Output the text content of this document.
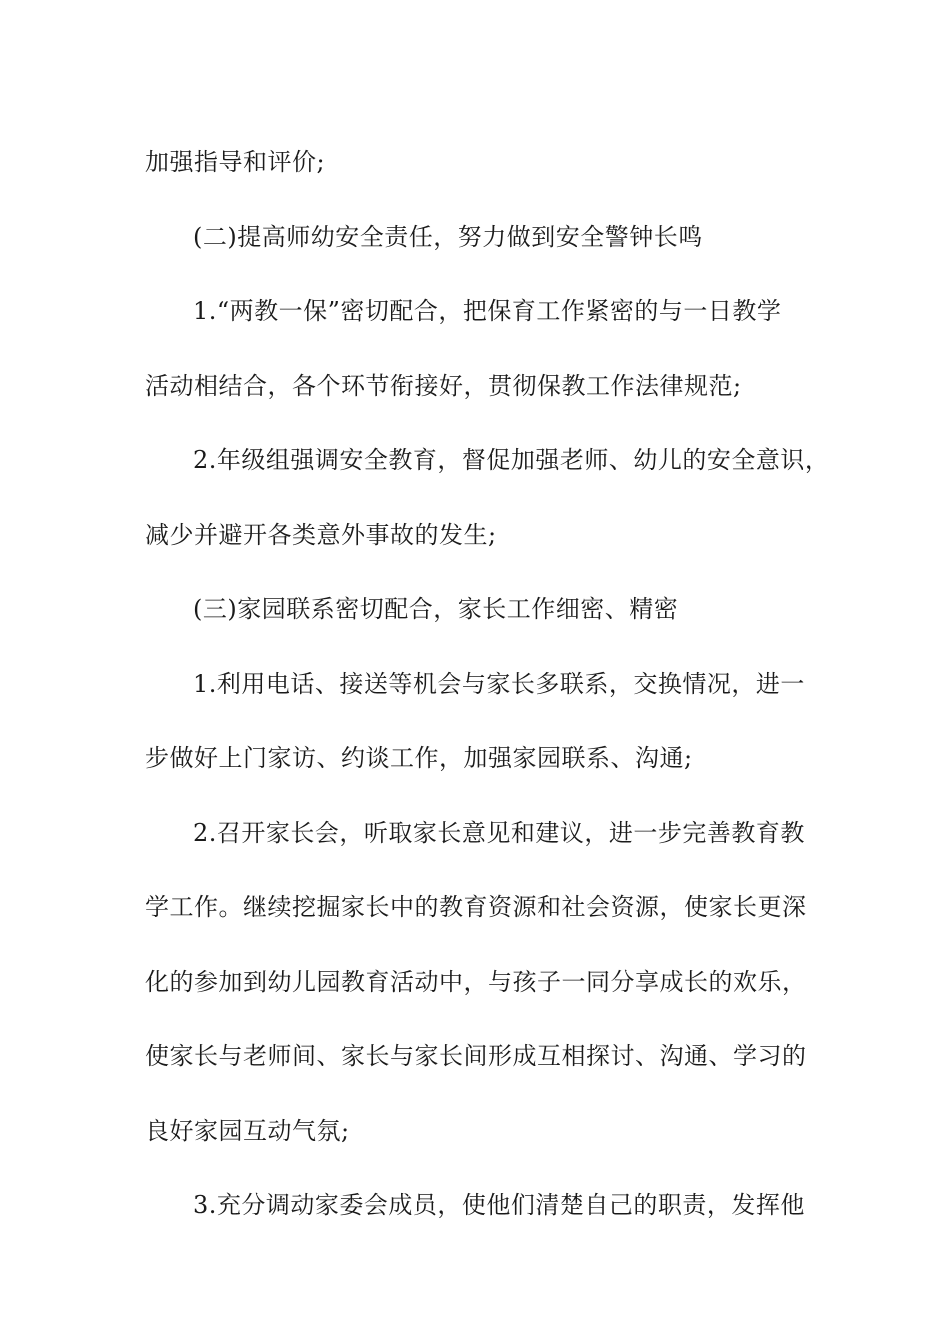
加强指导和评价;
(二)提高师幼安全责任，努力做到安全警钟长鸣
1.“两教一保”密切配合，把保育工作紧密的与一日教学
活动相结合，各个环节衔接好，贯彻保教工作法律规范;
2.年级组强调安全教育，督促加强老师、幼儿的安全意识，
减少并避开各类意外事故的发生;
(三)家园联系密切配合，家长工作细密、精密
1.利用电话、接送等机会与家长多联系，交换情况，进一
步做好上门家访、约谈工作，加强家园联系、沟通;
2.召开家长会，听取家长意见和建议，进一步完善教育教
学工作。继续挖掘家长中的教育资源和社会资源，使家长更深
化的参加到幼儿园教育活动中，与孩子一同分享成长的欢乐，
使家长与老师间、家长与家长间形成互相探讨、沟通、学习的
良好家园互动气氛;
3.充分调动家委会成员，使他们清楚自己的职责，发挥他
